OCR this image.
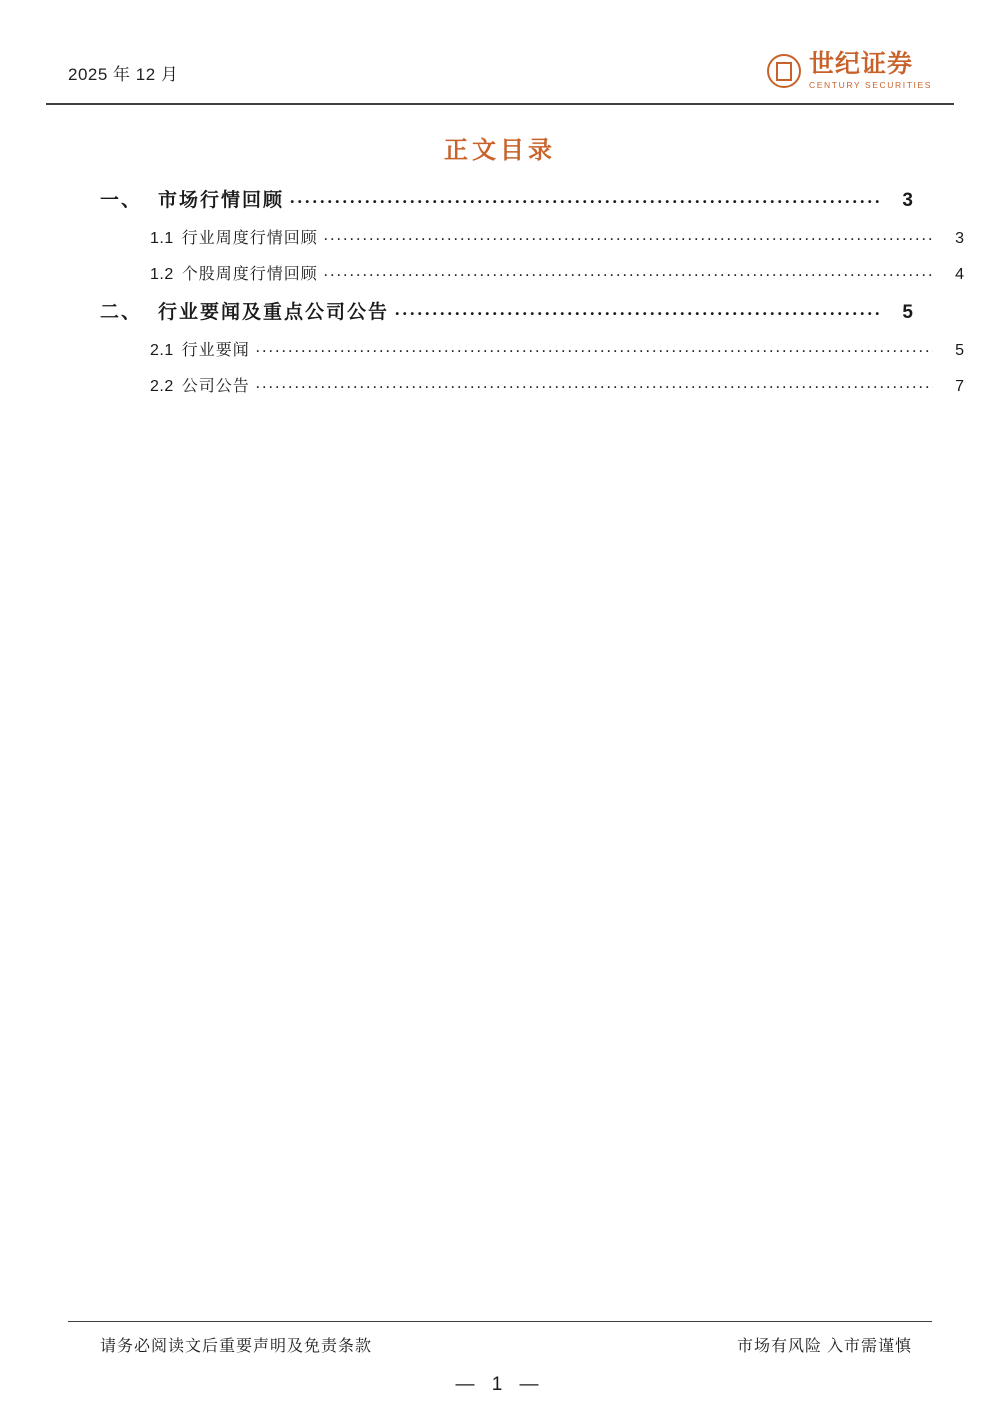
2025 年 12 月	世纪证券
CENTURY SECURITIES
正文目录
一、 市场行情回顾 .....	3
1.1 行业周度行情回顾 .....	3
1.2 个股周度行情回顾 .....	4
二、 行业要闻及重点公司公告 .....	5
2.1 行业要闻 .....	5
2.2 公司公告 .....	7
请务必阅读文后重要声明及免责条款	市场有风险 入市需谨慎
— 1 —
